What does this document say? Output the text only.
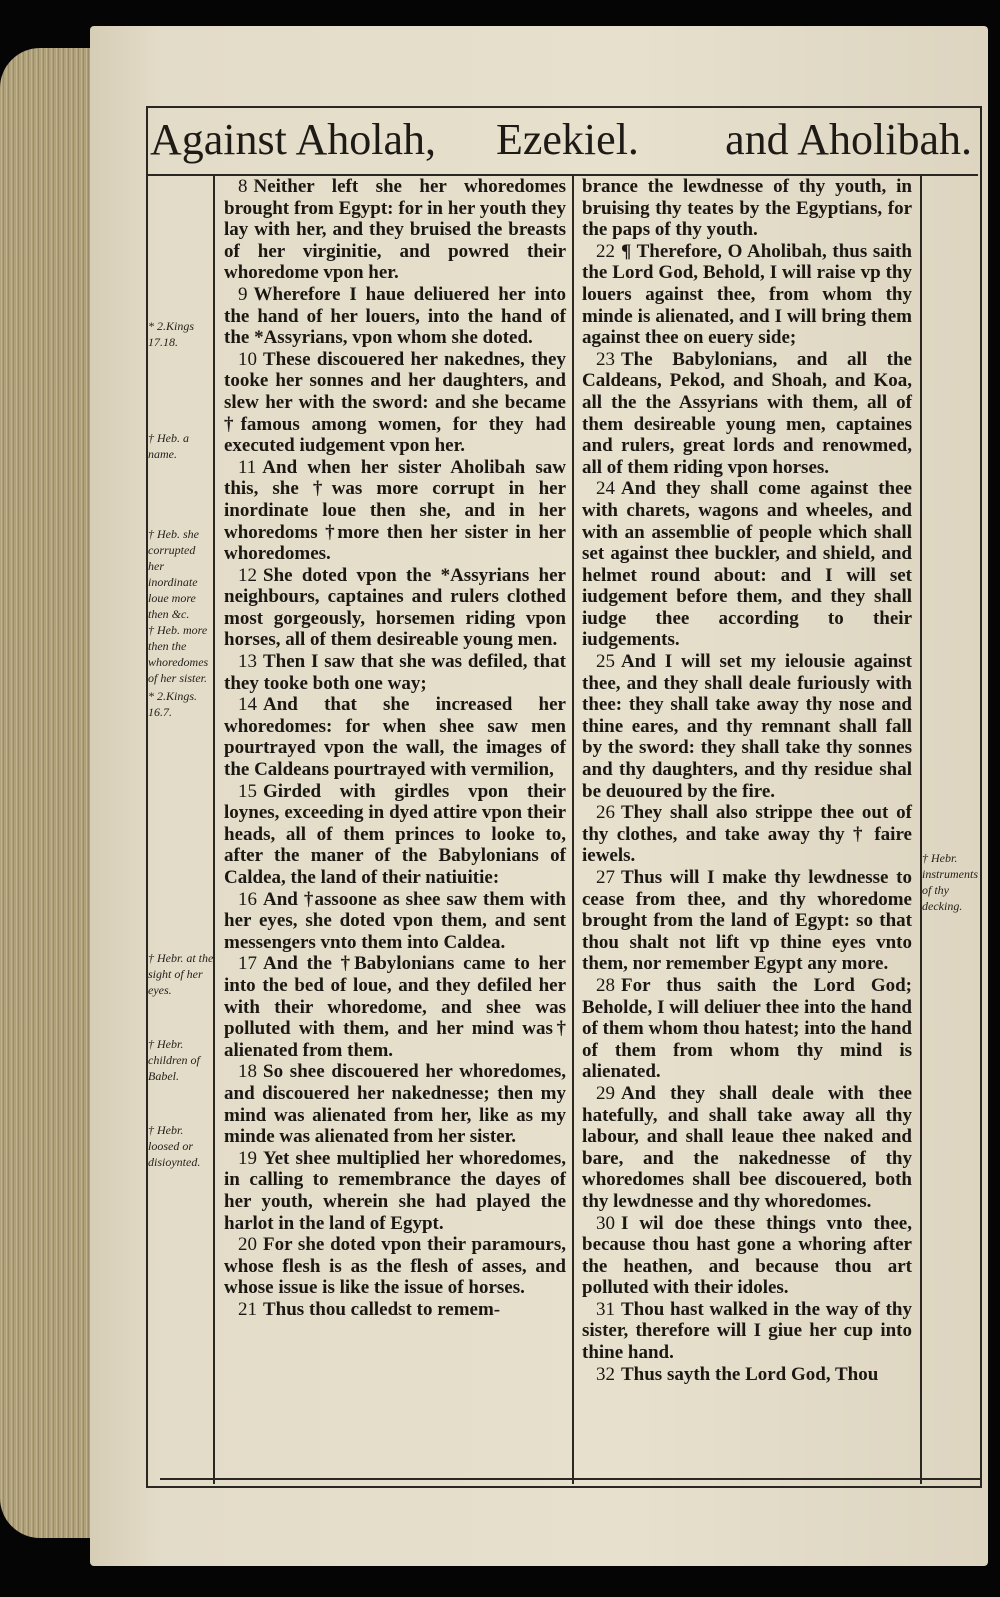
Against Aholah, Ezekiel. and Aholibah.
* 2.Kings 17.18.
† Heb. a name.
† Heb. she corrupted her inordinate loue more then &c.
† Heb. more then the whoredomes of her sister.
* 2.Kings. 16.7.
† Hebr. at the sight of her eyes.
† Hebr. children of Babel.
† Hebr. loosed or disioynted.
† Hebr. instruments of thy decking.

8 Neither left she her whoredomes brought from Egypt: for in her youth they lay with her, and they bruised the breasts of her virginitie, and powred their whoredome vpon her.

9 Wherefore I haue deliuered her into the hand of her louers, into the hand of the *Assyrians, vpon whom she doted.

10 These discouered her nakednes, they tooke her sonnes and her daughters, and slew her with the sword: and she became †famous among women, for they had executed iudgement vpon her.

11 And when her sister Aholibah saw this, she †was more corrupt in her inordinate loue then she, and in her whoredoms †more then her sister in her whoredomes.

12 She doted vpon the *Assyrians her neighbours, captaines and rulers clothed most gorgeously, horsemen riding vpon horses, all of them desireable young men.

13 Then I saw that she was defiled, that they tooke both one way;

14 And that she increased her whoredomes: for when shee saw men pourtrayed vpon the wall, the images of the Caldeans pourtrayed with vermilion,

15 Girded with girdles vpon their loynes, exceeding in dyed attire vpon their heads, all of them princes to looke to, after the maner of the Babylonians of Caldea, the land of their natiuitie:

16 And †assoone as shee saw them with her eyes, she doted vpon them, and sent messengers vnto them into Caldea.

17 And the †Babylonians came to her into the bed of loue, and they defiled her with their whoredome, and shee was polluted with them, and her mind was† alienated from them.

18 So shee discouered her whoredomes, and discouered her nakednesse; then my mind was alienated from her, like as my minde was alienated from her sister.

19 Yet shee multiplied her whoredomes, in calling to remembrance the dayes of her youth, wherein she had played the harlot in the land of Egypt.

20 For she doted vpon their paramours, whose flesh is as the flesh of asses, and whose issue is like the issue of horses.

21 Thus thou calledst to remem-

brance the lewdnesse of thy youth, in bruising thy teates by the Egyptians, for the paps of thy youth.

22 ¶ Therefore, O Aholibah, thus saith the Lord God, Behold, I will raise vp thy louers against thee, from whom thy minde is alienated, and I will bring them against thee on euery side;

23 The Babylonians, and all the Caldeans, Pekod, and Shoah, and Koa, all the the Assyrians with them, all of them desireable young men, captaines and rulers, great lords and renowmed, all of them riding vpon horses.

24 And they shall come against thee with charets, wagons and wheeles, and with an assemblie of people which shall set against thee buckler, and shield, and helmet round about: and I will set iudgement before them, and they shall iudge thee according to their iudgements.

25 And I will set my ielousie against thee, and they shall deale furiously with thee: they shall take away thy nose and thine eares, and thy remnant shall fall by the sword: they shall take thy sonnes and thy daughters, and thy residue shal be deuoured by the fire.

26 They shall also strippe thee out of thy clothes, and take away thy † faire iewels.

27 Thus will I make thy lewdnesse to cease from thee, and thy whoredome brought from the land of Egypt: so that thou shalt not lift vp thine eyes vnto them, nor remember Egypt any more.

28 For thus saith the Lord God; Beholde, I will deliuer thee into the hand of them whom thou hatest; into the hand of them from whom thy mind is alienated.

29 And they shall deale with thee hatefully, and shall take away all thy labour, and shall leaue thee naked and bare, and the nakednesse of thy whoredomes shall bee discouered, both thy lewdnesse and thy whoredomes.

30 I wil doe these things vnto thee, because thou hast gone a whoring after the heathen, and because thou art polluted with their idoles.

31 Thou hast walked in the way of thy sister, therefore will I giue her cup into thine hand.

32 Thus sayth the Lord God, Thou
